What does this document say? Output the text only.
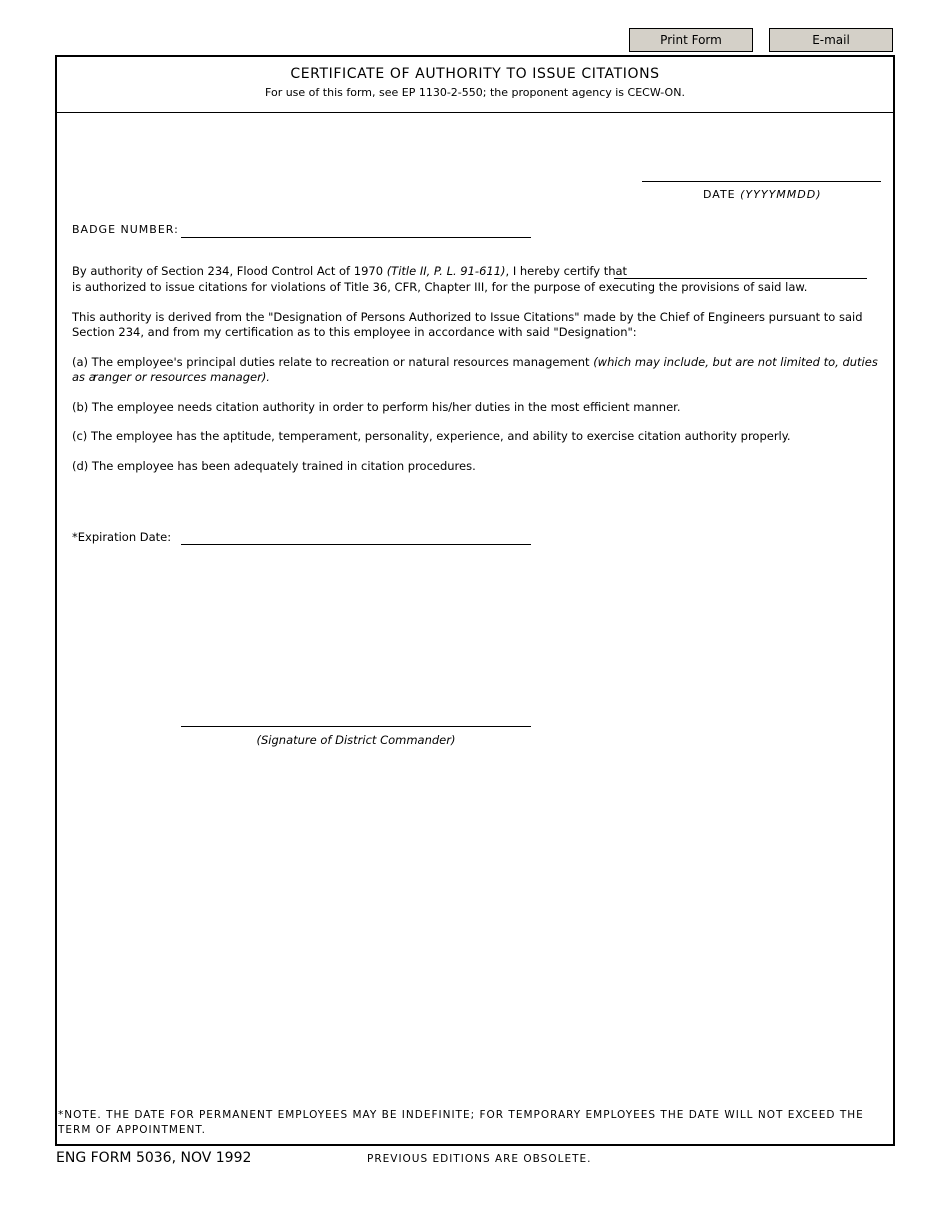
Print Form	E-mail
CERTIFICATE OF AUTHORITY TO ISSUE CITATIONS
For use of this form, see EP 1130-2-550; the proponent agency is CECW-ON.
DATE (YYYYMMDD)
BADGE NUMBER:
By authority of Section 234, Flood Control Act of 1970 (Title II, P. L. 91-611), I hereby certify that
is authorized to issue citations for violations of Title 36, CFR, Chapter III, for the purpose of executing the provisions of said law.
This authority is derived from the "Designation of Persons Authorized to Issue Citations" made by the Chief of Engineers pursuant to said Section 234, and from my certification as to this employee in accordance with said "Designation":
(a) The employee's principal duties relate to recreation or natural resources management (which may include, but are not limited to, duties as a
ranger or resources manager).
(b) The employee needs citation authority in order to perform his/her duties in the most efficient manner.
(c) The employee has the aptitude, temperament, personality, experience, and ability to exercise citation authority properly.
(d) The employee has been adequately trained in citation procedures.
*Expiration Date:
(Signature of District Commander)
*NOTE. THE DATE FOR PERMANENT EMPLOYEES MAY BE INDEFINITE; FOR TEMPORARY EMPLOYEES THE DATE WILL NOT EXCEED THE TERM OF APPOINTMENT.
ENG FORM 5036, NOV 1992	PREVIOUS EDITIONS ARE OBSOLETE.
